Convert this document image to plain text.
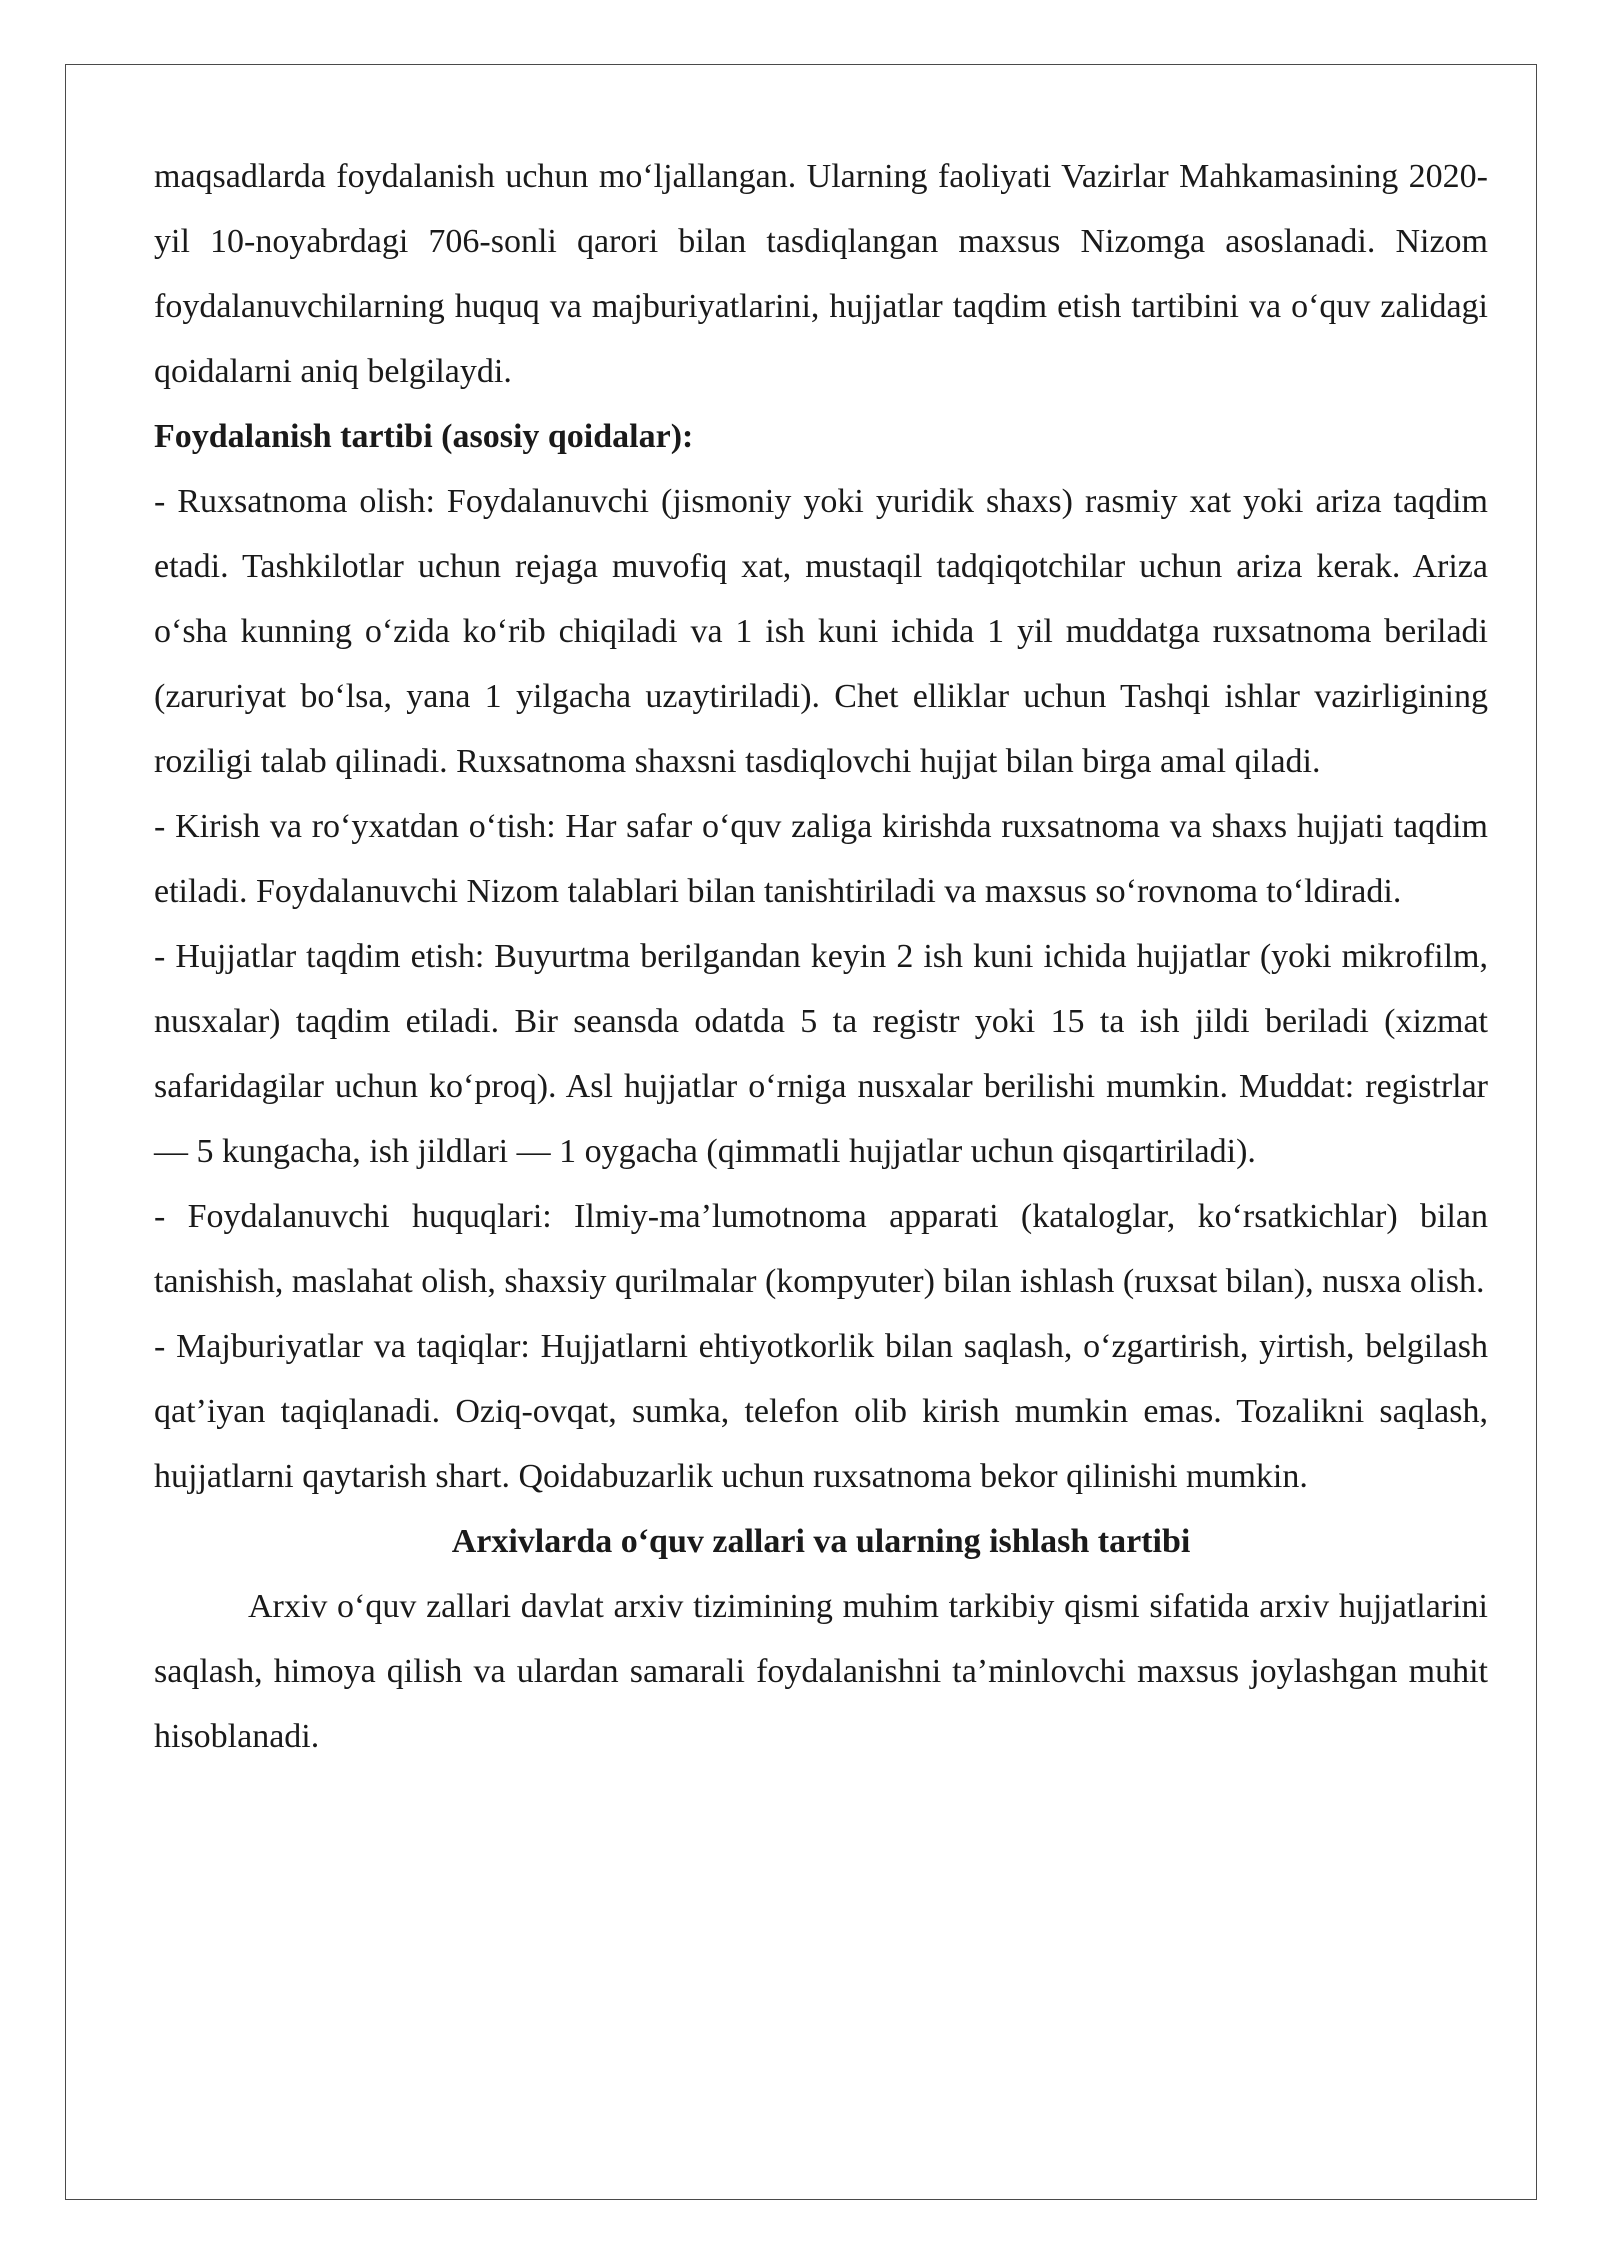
maqsadlarda foydalanish uchun mo‘ljallangan. Ularning faoliyati Vazirlar Mahkamasining 2020-yil 10-noyabrdagi 706-sonli qarori bilan tasdiqlangan maxsus Nizomga asoslanadi. Nizom foydalanuvchilarning huquq va majburiyatlarini, hujjatlar taqdim etish tartibini va o‘quv zalidagi qoidalarni aniq belgilaydi.

Foydalanish tartibi (asosiy qoidalar):

- Ruxsatnoma olish: Foydalanuvchi (jismoniy yoki yuridik shaxs) rasmiy xat yoki ariza taqdim etadi. Tashkilotlar uchun rejaga muvofiq xat, mustaqil tadqiqotchilar uchun ariza kerak. Ariza o‘sha kunning o‘zida ko‘rib chiqiladi va 1 ish kuni ichida 1 yil muddatga ruxsatnoma beriladi (zaruriyat bo‘lsa, yana 1 yilgacha uzaytiriladi). Chet elliklar uchun Tashqi ishlar vazirligining roziligi talab qilinadi. Ruxsatnoma shaxsni tasdiqlovchi hujjat bilan birga amal qiladi.

- Kirish va ro‘yxatdan o‘tish: Har safar o‘quv zaliga kirishda ruxsatnoma va shaxs hujjati taqdim etiladi. Foydalanuvchi Nizom talablari bilan tanishtiriladi va maxsus so‘rovnoma to‘ldiradi.

- Hujjatlar taqdim etish: Buyurtma berilgandan keyin 2 ish kuni ichida hujjatlar (yoki mikrofilm, nusxalar) taqdim etiladi. Bir seansda odatda 5 ta registr yoki 15 ta ish jildi beriladi (xizmat safaridagilar uchun ko‘proq). Asl hujjatlar o‘rniga nusxalar berilishi mumkin. Muddat: registrlar — 5 kungacha, ish jildlari — 1 oygacha (qimmatli hujjatlar uchun qisqartiriladi).

- Foydalanuvchi huquqlari: Ilmiy-ma’lumotnoma apparati (kataloglar, ko‘rsatkichlar) bilan tanishish, maslahat olish, shaxsiy qurilmalar (kompyuter) bilan ishlash (ruxsat bilan), nusxa olish.

- Majburiyatlar va taqiqlar: Hujjatlarni ehtiyotkorlik bilan saqlash, o‘zgartirish, yirtish, belgilash qat’iyan taqiqlanadi. Oziq-ovqat, sumka, telefon olib kirish mumkin emas. Tozalikni saqlash, hujjatlarni qaytarish shart. Qoidabuzarlik uchun ruxsatnoma bekor qilinishi mumkin.

Arxivlarda o‘quv zallari va ularning ishlash tartibi

Arxiv o‘quv zallari davlat arxiv tizimining muhim tarkibiy qismi sifatida arxiv hujjatlarini saqlash, himoya qilish va ulardan samarali foydalanishni ta’minlovchi maxsus joylashgan muhit hisoblanadi.
